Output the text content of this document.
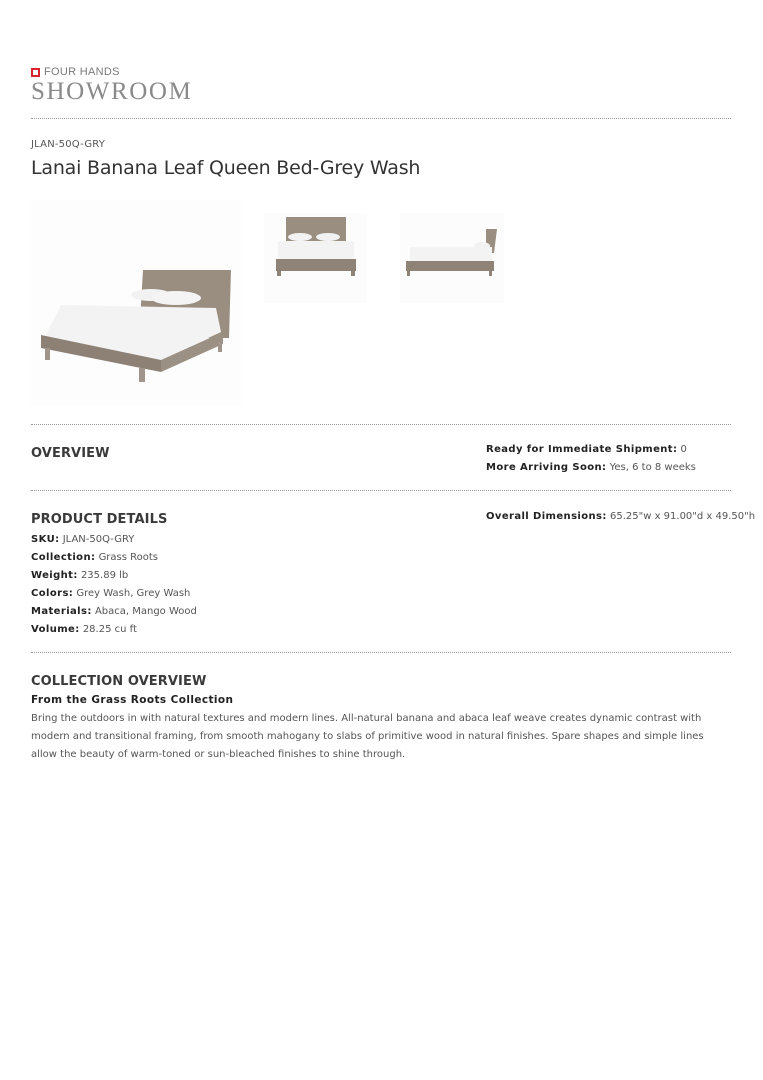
FOUR HANDS
SHOWROOM
JLAN-50Q-GRY
Lanai Banana Leaf Queen Bed-Grey Wash
OVERVIEW	Ready for Immediate Shipment: 0
More Arriving Soon: Yes, 6 to 8 weeks
PRODUCT DETAILS
SKU: JLAN-50Q-GRY
Collection: Grass Roots
Weight: 235.89 lb
Colors: Grey Wash, Grey Wash
Materials: Abaca, Mango Wood
Volume: 28.25 cu ft
Overall Dimensions: 65.25"w x 91.00"d x 49.50"h
COLLECTION OVERVIEW
From the Grass Roots Collection

Bring the outdoors in with natural textures and modern lines. All-natural banana and abaca leaf weave creates dynamic contrast with modern and transitional framing, from smooth mahogany to slabs of primitive wood in natural finishes. Spare shapes and simple lines allow the beauty of warm-toned or sun-bleached finishes to shine through.
